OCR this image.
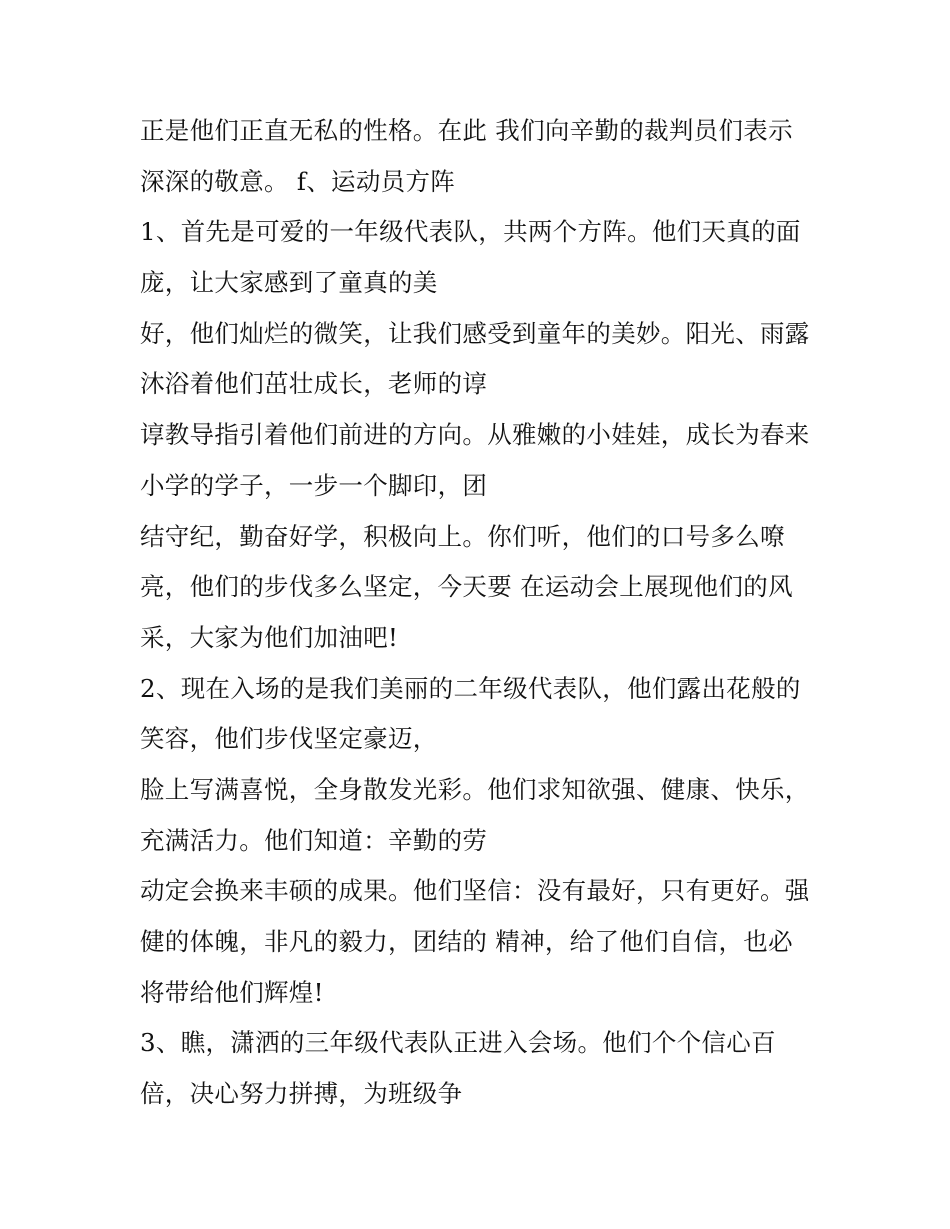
正是他们正直无私的性格。在此 我们向辛勤的裁判员们表示
深深的敬意。 f、运动员方阵
1、首先是可爱的一年级代表队，共两个方阵。他们天真的面
庞，让大家感到了童真的美
好，他们灿烂的微笑，让我们感受到童年的美妙。阳光、雨露
沐浴着他们茁壮成长，老师的谆
谆教导指引着他们前进的方向。从雅嫩的小娃娃，成长为春来
小学的学子，一步一个脚印，团
结守纪，勤奋好学，积极向上。你们听，他们的口号多么嘹
亮，他们的步伐多么坚定，今天要 在运动会上展现他们的风
采，大家为他们加油吧!
2、现在入场的是我们美丽的二年级代表队，他们露出花般的
笑容，他们步伐坚定豪迈，
脸上写满喜悦，全身散发光彩。他们求知欲强、健康、快乐，
充满活力。他们知道：辛勤的劳
动定会换来丰硕的成果。他们坚信：没有最好，只有更好。强
健的体魄，非凡的毅力，团结的 精神，给了他们自信，也必
将带给他们辉煌!
3、瞧，潇洒的三年级代表队正进入会场。他们个个信心百
倍，决心努力拼搏，为班级争
